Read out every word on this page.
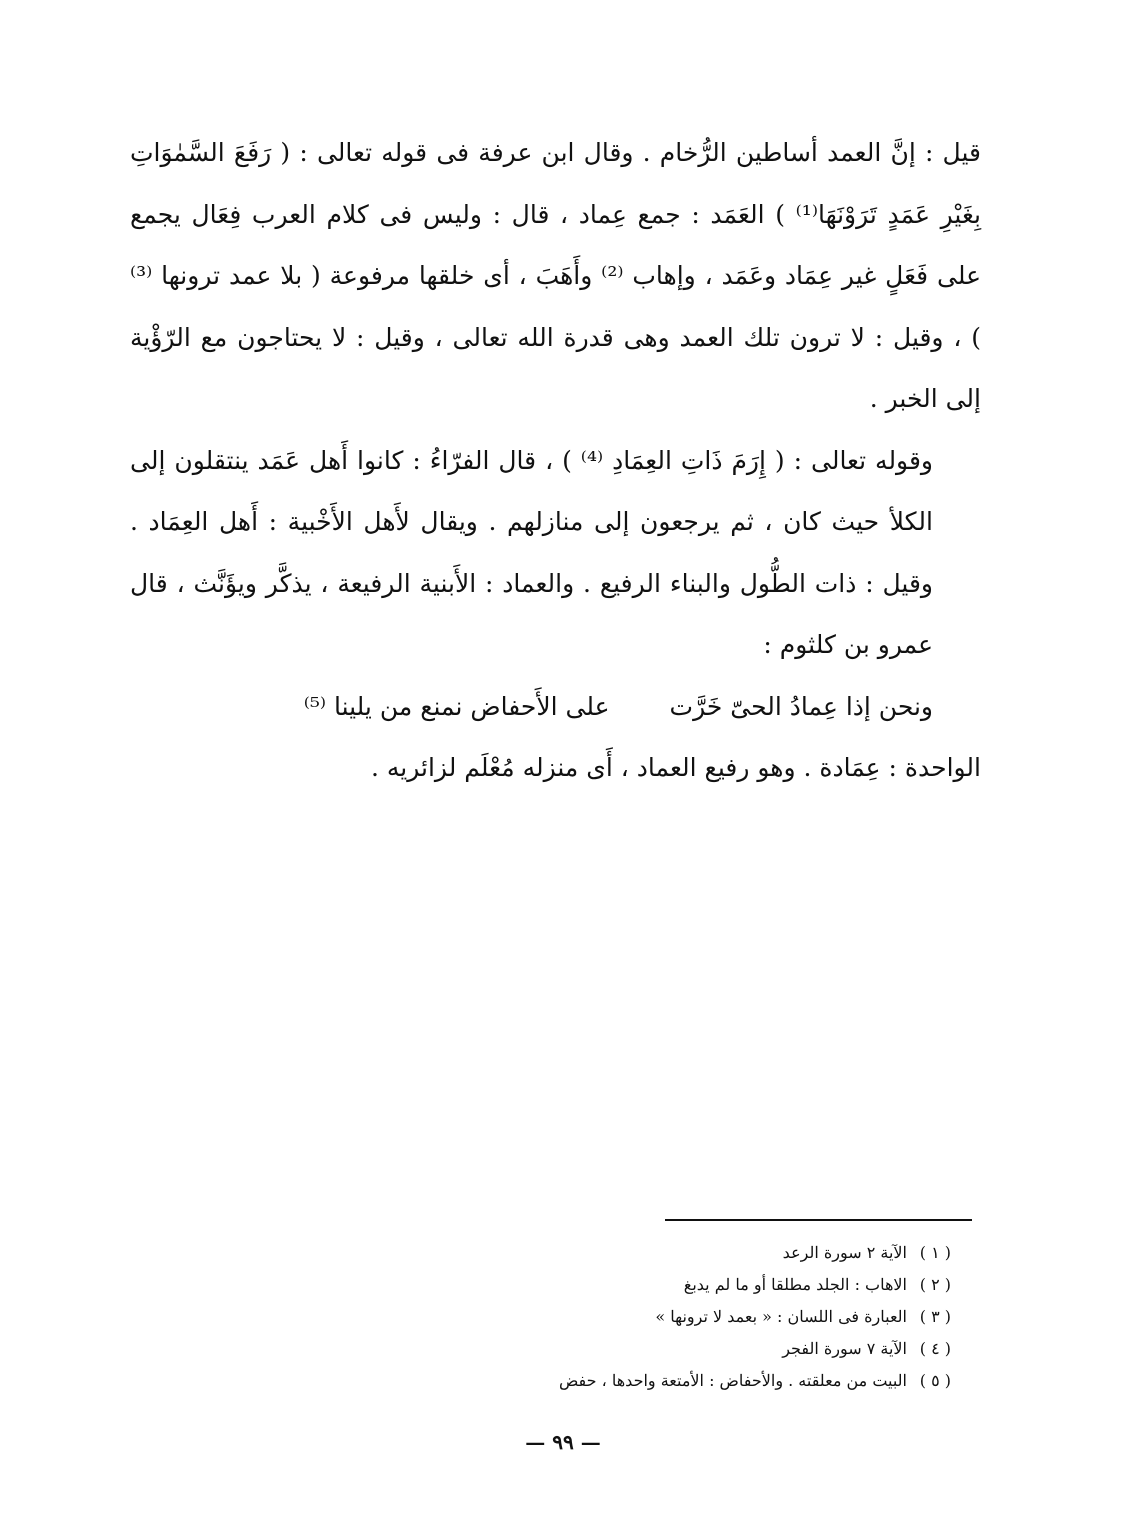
قيل : إنَّ العمد أساطين الرُّخام . وقال ابن عرفة فى قوله تعالى : ( رَفَعَ السَّمٰوَاتِ بِغَيْرِ عَمَدٍ تَرَوْنَهَا⁽¹⁾ ) العَمَد : جمع عِماد ، قال : وليس فى كلام العرب فِعَال يجمع على فَعَلٍ غير عِمَاد وعَمَد ، وإهاب ⁽²⁾ وأَهَبَ ، أى خلقها مرفوعة ( بلا عمد ترونها ⁽³⁾ ) ، وقيل : لا ترون تلك العمد وهى قدرة الله تعالى ، وقيل : لا يحتاجون مع الرّؤْية إلى الخبر .

وقوله تعالى : ( إِرَمَ ذَاتِ العِمَادِ ⁽⁴⁾ ) ، قال الفرّاءُ : كانوا أَهل عَمَد ينتقلون إلى الكلأ حيث كان ، ثم يرجعون إلى منازلهم . ويقال لأَهل الأَخْبية : أَهل العِمَاد . وقيل : ذات الطُّول والبناء الرفيع . والعماد : الأَبنية الرفيعة ، يذكَّر ويؤَنَّث ، قال عمرو بن كلثوم :

ونحن إذا عِمادُ الحىّ خَرَّتعلى الأَحفاض نمنع من يلينا ⁽⁵⁾

الواحدة : عِمَادة . وهو رفيع العماد ، أَى منزله مُعْلَم لزائريه .

( ١ )
الآية ٢ سورة الرعد
( ٢ )
الاهاب : الجلد مطلقا أو ما لم يدبغ
( ٣ )
العبارة فى اللسان : « بعمد لا ترونها »
( ٤ )
الآية ٧ سورة الفجر
( ٥ )
البيت من معلقته . والأحفاض : الأمتعة واحدها ، حفض
— ٩٩ —
